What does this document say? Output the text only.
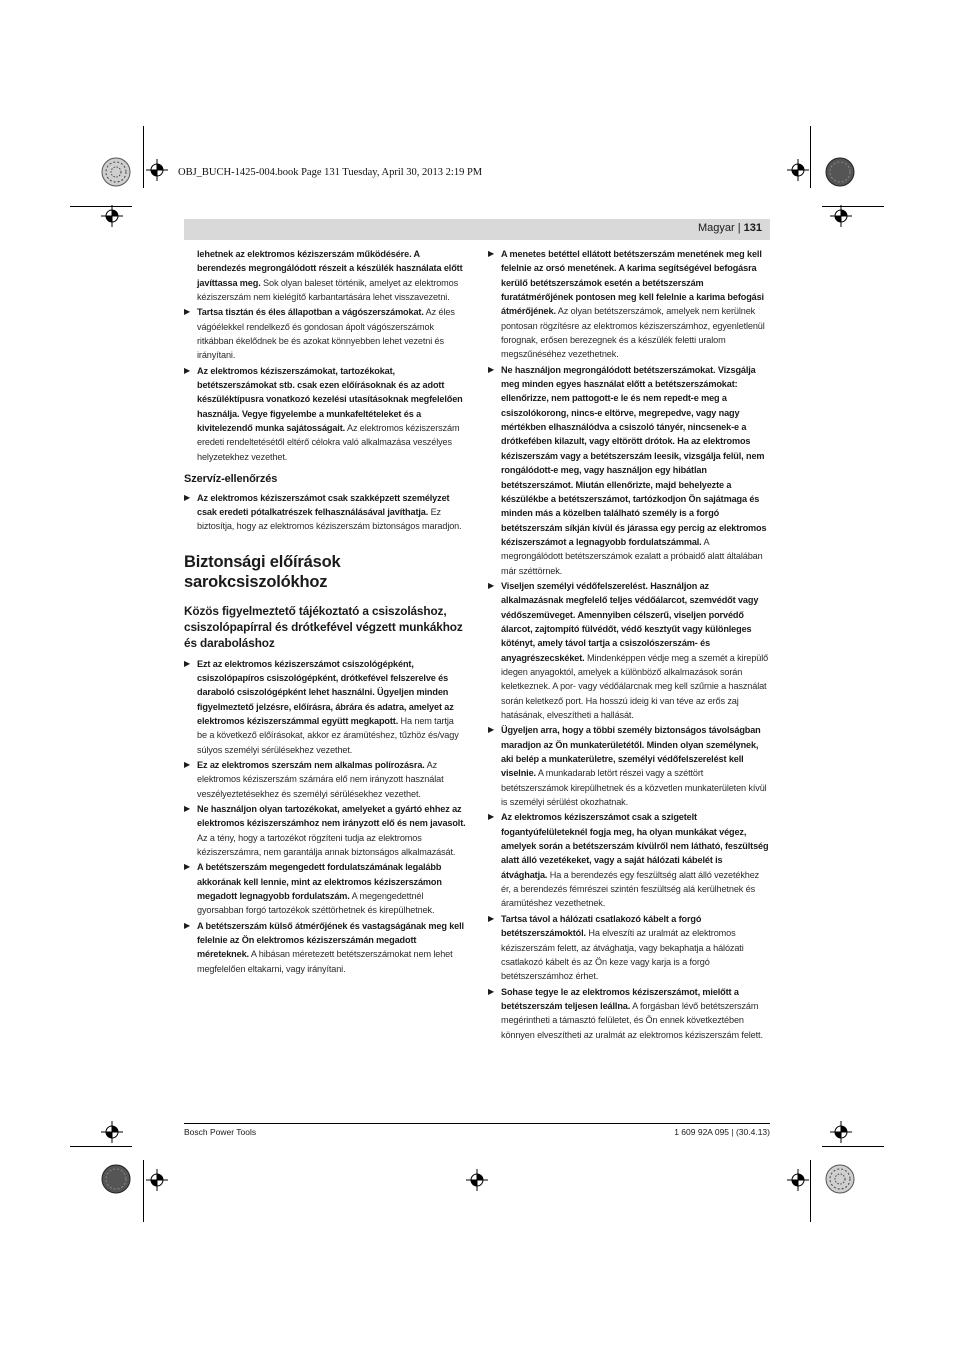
OBJ_BUCH-1425-004.book Page 131 Tuesday, April 30, 2013 2:19 PM
Magyar | 131
lehetnek az elektromos kéziszerszám működésére. A berendezés megrongálódott részeit a készülék használata előtt javíttassa meg. Sok olyan baleset történik, amelyet az elektromos kéziszerszám nem kielégítő karbantartására lehet visszavezetni.
▶ Tartsa tisztán és éles állapotban a vágószerszámokat. Az éles vágóélekkel rendelkező és gondosan ápolt vágószerszámok ritkábban ékelődnek be és azokat könnyebben lehet vezetni és irányítani.
▶ Az elektromos kéziszerszámokat, tartozékokat, betétszerszámokat stb. csak ezen előírásoknak és az adott készüléktípusra vonatkozó kezelési utasításoknak megfelelően használja. Vegye figyelembe a munkafeltételeket és a kivitelezendő munka sajátosságait. Az elektromos kéziszerszám eredeti rendeltetésétől eltérő célokra való alkalmazása veszélyes helyzetekhez vezethet.
Szervíz-ellenőrzés
▶ Az elektromos kéziszerszámot csak szakképzett személyzet csak eredeti pótalkatrészek felhasználásával javíthatja. Ez biztosítja, hogy az elektromos kéziszerszám biztonságos maradjon.
Biztonsági előírások sarokcsiszolókhoz
Közös figyelmeztető tájékoztató a csiszoláshoz, csiszolópapírral és drótkefével végzett munkákhoz és daraboláshoz
▶ Ezt az elektromos kéziszerszámot csiszológépként, csiszolópapíros csiszológépként, drótkefével felszerelve és daraboló csiszológépként lehet használni. Ügyeljen minden figyelmeztető jelzésre, előírásra, ábrára és adatra, amelyet az elektromos kéziszerszámmal együtt megkapott. Ha nem tartja be a következő előírásokat, akkor ez áramütéshez, tűzhöz és/vagy súlyos személyi sérülésekhez vezethet.
▶ Ez az elektromos szerszám nem alkalmas polírozásra. Az elektromos kéziszerszám számára elő nem irányzott használat veszélyeztetésekhez és személyi sérülésekhez vezethet.
▶ Ne használjon olyan tartozékokat, amelyeket a gyártó ehhez az elektromos kéziszerszámhoz nem irányzott elő és nem javasolt. Az a tény, hogy a tartozékot rögzíteni tudja az elektromos kéziszerszámra, nem garantálja annak biztonságos alkalmazását.
▶ A betétszerszám megengedett fordulatszámának legalább akkorának kell lennie, mint az elektromos kéziszerszámon megadott legnagyobb fordulatszám. A megengedettnél gyorsabban forgó tartozékok széttörhetnek és kirepülhetnek.
▶ A betétszerszám külső átmérőjének és vastagságának meg kell felelnie az Ön elektromos kéziszerszámán megadott méreteknek. A hibásan méretezett betétszerszámokat nem lehet megfelelően eltakarni, vagy irányítani.
▶ A menetes betéttel ellátott betétszerszám menetének meg kell felelnie az orsó menetének. A karima segítségével befogásra kerülő betétszerszámok esetén a betétszerszám furatátmérőjének pontosen meg kell felelnie a karima befogási átmérőjének. Az olyan betétszerszámok, amelyek nem kerülnek pontosan rögzítésre az elektromos kéziszerszámhoz, egyenletlenül forognak, erősen berezegnek és a készülék feletti uralom megszűnéséhez vezethetnek.
▶ Ne használjon megrongálódott betétszerszámokat. Vizsgálja meg minden egyes használat előtt a betétszerszámokat: ellenőrizze, nem pattogott-e le és nem repedt-e meg a csiszolókorong, nincs-e eltörve, megrepedve, vagy nagy mértékben elhasználódva a csiszoló tányér, nincsenek-e a drótkefében kilazult, vagy eltörött drótok. Ha az elektromos kéziszerszám vagy a betétszerszám leesik, vizsgálja felül, nem rongálódott-e meg, vagy használjon egy hibátlan betétszerszámot. Miután ellenőrizte, majd behelyezte a készülékbe a betétszerszámot, tartózkodjon Ön sajátmaga és minden más a közelben található személy is a forgó betétszerszám síkján kívül és járassa egy percig az elektromos kéziszerszámot a legnagyobb fordulatszámmal. A megrongálódott betétszerszámok ezalatt a próbaidő alatt általában már széttörnek.
▶ Viseljen személyi védőfelszerelést. Használjon az alkalmazásnak megfelelő teljes védőálarcot, szemvédőt vagy védőszemüveget. Amennyiben célszerű, viseljen porvédő álarcot, zajtompító fülvédőt, védő kesztyűt vagy különleges kötényt, amely távol tartja a csiszolószerszám- és anyagrészecskéket. Mindenképpen védje meg a szemét a kirepülő idegen anyagoktól, amelyek a különböző alkalmazások során keletkeznek. A por- vagy védőálarcnak meg kell szűrnie a használat során keletkező port. Ha hosszú ideig ki van téve az erős zaj hatásának, elveszítheti a hallását.
▶ Ügyeljen arra, hogy a többi személy biztonságos távolságban maradjon az Ön munkaterületétől. Minden olyan személynek, aki belép a munkaterületre, személyi védőfelszerelést kell viselnie. A munkadarab letört részei vagy a széttört betétszerszámok kirepülhetnek és a közvetlen munkaterületen kívül is személyi sérülést okozhatnak.
▶ Az elektromos kéziszerszámot csak a szigetelt fogantyúfelületeknél fogja meg, ha olyan munkákat végez, amelyek során a betétszerszám kívülről nem látható, feszültség alatt álló vezetékeket, vagy a saját hálózati kábelét is átvághatja. Ha a berendezés egy feszültség alatt álló vezetékhez ér, a berendezés fémrészei szintén feszültség alá kerülhetnek és áramütéshez vezethetnek.
▶ Tartsa távol a hálózati csatlakozó kábelt a forgó betétszerszámoktól. Ha elveszíti az uralmát az elektromos kéziszerszám felett, az átvághatja, vagy bekaphatja a hálózati csatlakozó kábelt és az Ön keze vagy karja is a forgó betétszerszámhoz érhet.
▶ Sohase tegye le az elektromos kéziszerszámot, mielőtt a betétszerszám teljesen leállna. A forgásban lévő betétszerszám megérintheti a támasztó felületet, és Ön ennek következtében könnyen elveszítheti az uralmát az elektromos kéziszerszám felett.
Bosch Power Tools	1 609 92A 095 | (30.4.13)
